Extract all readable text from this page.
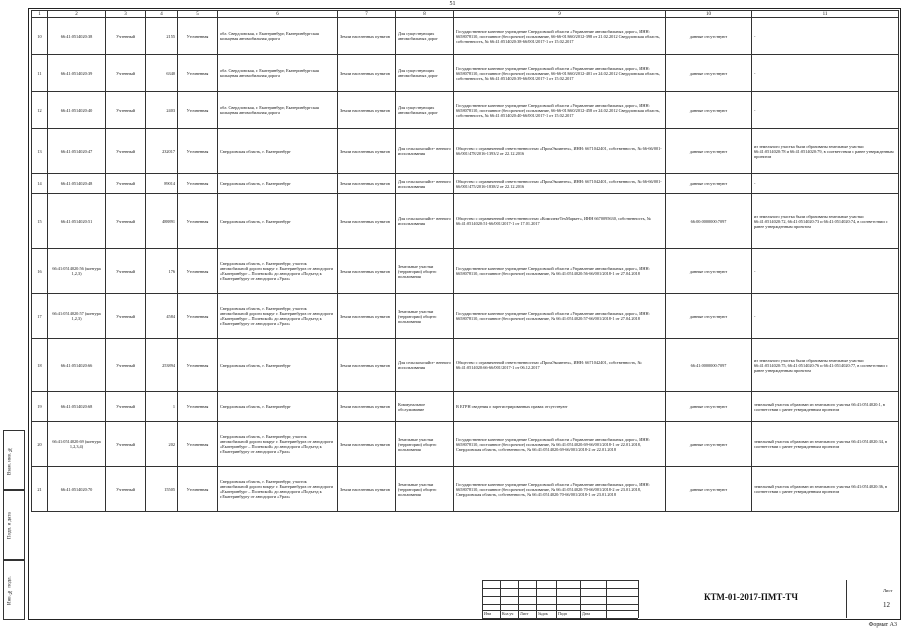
51
1	2	3	4	5	6	7	8	9	10	11
10	66:41:0514020:38	Учтенный	2155	Уточненная	обл. Свердловская, г. Екатеринбург, Екатеринбургская кольцевая автомобильная дорога	Земли населенных пунктов	Для существующих автомобильных дорог	Государственное казенное учреждение Свердловской области «Управление автомобильных дорог», ИНН: 6658078110, постоянное (бессрочное) пользование, 66-66-01/660/2012-398 от 21.02.2012 Свердловская область, собственность, № 66:41:0514020:38-66/001/2017-1 от 15.02.2017	данные отсутствуют	-
11	66:41:0514020:39	Учтенный	6340	Уточненная	обл. Свердловская, г. Екатеринбург, Екатеринбургская кольцевая автомобильная дорога	Земли населенных пунктов	Для существующих автомобильных дорог	Государственное казенное учреждение Свердловской области «Управление автомобильных дорог», ИНН: 6658078110, постоянное (бессрочное) пользование, 66-66-01/660/2012-401 от 24.02.2012 Свердловская область, собственность, № 66:41:0514020:39-66/001/2017-1 от 15.02.2017	данные отсутствуют	-
12	66:41:0514020:40	Учтенный	2403	Уточненная	обл. Свердловская, г. Екатеринбург, Екатеринбургская кольцевая автомобильная дорога	Земли населенных пунктов	Для существующих автомобильных дорог	Государственное казенное учреждение Свердловской области «Управление автомобильных дорог», ИНН: 6658078110, постоянное (бессрочное) пользование, 66-66-01/660/2012-458 от 24.02.2012 Свердловская область, собственность, № 66:41:0514020:40-66/001/2017-1 от 15.02.2017	данные отсутствуют	-
13	66:41:0514020:47	Учтенный	232017	Уточненная	Свердловская область, г. Екатеринбург	Земли населенных пунктов	Для сельскохозяйст- венного использования	Общество с ограниченной ответственностью «ПромЭкоинтех», ИНН: 6671042401, собственность, № 66-66/001-66/001/478/2016-1393/2 от 22.12.2016	данные отсутствуют	из земельного участка были образованы земельные участки 66:41:0514020:78 и 66:41:0514020:79, в соответствии с ранее утвержденным проектом
14	66:41:0514020:48	Учтенный	89014	Уточненная	Свердловская область, г. Екатеринбург	Земли населенных пунктов	Для сельскохозяйст- венного использования	Общество с ограниченной ответственностью «ПромЭкоинтех», ИНН: 6671042401, собственность, № 66-66/001-66/001/475/2016-1838/2 от 22.12.2016	данные отсутствуют	-
15	66:41:0514020:51	Учтенный	488891	Уточненная	Свердловская область, г. Екатеринбург	Земли населенных пунктов	Для сельскохозяйст- венного использования	Общество с ограниченной ответственностью «КомплектТехМаркет», ИНН 6670095630, собственность, № 66:41:0514020:51-66/001/2017-1 от 17.01.2017	66:00:0000000:7097	из земельного участка были образованы земельные участки 66:41:0514020:72, 66:41:0514020:73 и 66:41:0514020:74, в соответствии с ранее утвержденным проектом
16	66:41:0514020:56 (контура 1,2,3)	Учтенный	176	Уточненная	Свердловская область, г. Екатеринбург, участок автомобильной дороги вокруг г. Екатеринбурга от автодороги «Екатеринбург – Полевской» до автодороги «Подъезд к г.Екатеринбургу от автодороги «Урал»	Земли населенных пунктов	Земельные участки (территории) общего пользования	Государственное казенное учреждение Свердловской области «Управление автомобильных дорог», ИНН: 6658078110, постоянное (бессрочное) пользование, № 66:41:0514020:56-66/001/2018-1 от 27.04.2018	данные отсутствуют	-
17	66:41:0514020:57 (контура 1,2,3)	Учтенный	4584	Уточненная	Свердловская область, г. Екатеринбург, участок автомобильной дороги вокруг г. Екатеринбурга от автодороги «Екатеринбург – Полевской» до автодороги «Подъезд к г.Екатеринбургу от автодороги «Урал»	Земли населенных пунктов	Земельные участки (территории) общего пользования	Государственное казенное учреждение Свердловской области «Управление автомобильных дорог», ИНН: 6658078110, постоянное (бессрочное) пользование, № 66:41:0514020:57-66/001/2018-1 от 27.04.2018	данные отсутствуют	-
18	66:41:0514020:66	Учтенный	253894	Уточненная	Свердловская область, г. Екатеринбург	Земли населенных пунктов	Для сельскохозяйст- венного использования	Общество с ограниченной ответственностью «ПромЭкоинтех», ИНН: 6671042401, собственность, № 66:41:0514020:66-66/001/2017-1 от 06.12.2017	66:41:0000000:7097	из земельного участка были образованы земельные участки 66:41:0514020:75, 66:41:0514020:76 и 66:41:0514020:77, в соответствии с ранее утвержденным проектом
19	66:41:0514020:68	Учтенный	1	Уточненная	Свердловская область, г. Екатеринбург	Земли населенных пунктов	Коммунальное обслуживание	В ЕГРН сведения о зарегистрированных правах отсутствуют	данные отсутствуют	земельный участок образован из земельного участка 66:41:0514020:1, в соответствии с ранее утвержденным проектом
20	66:41:0514020:69 (контура 1,2,3,4)	Учтенный	202	Уточненная	Свердловская область, г. Екатеринбург, участок автомобильной дороги вокруг г. Екатеринбурга от автодороги «Екатеринбург – Полевской» до автодороги «Подъезд к г.Екатеринбургу от автодороги «Урал»	Земли населенных пунктов	Земельные участки (территории) общего пользования	Государственное казенное учреждение Свердловской области «Управление автомобильных дорог», ИНН: 6658078110, постоянное (бессрочное) пользование, № 66:41:0514020:69-66/001/2018-1 от 22.01.2018, Свердловская область, собственность, № 66:41:0514020:69-66/001/2018-2 от 22.01.2018	данные отсутствуют	земельный участок образован из земельного участка 66:41:0514020:34, в соответствии с ранее утвержденным проектом
21	66:41:0514020:70	Учтенный	15505	Уточненная	Свердловская область, г. Екатеринбург, участок автомобильной дороги вокруг г. Екатеринбурга от автодороги «Екатеринбург – Полевской» до автодороги «Подъезд к г.Екатеринбургу от автодороги «Урал»	Земли населенных пунктов	Земельные участки (территории) общего пользования	Государственное казенное учреждение Свердловской области «Управление автомобильных дорог», ИНН: 6658078110, постоянное (бессрочное) пользование, № 66:41:0514020:70-66/001/2018-2 от 23.01.2018, Свердловская область, собственность, № 66:41:0514020:70-66/001/2018-1 от 23.01.2018	данные отсутствуют	земельный участок образован из земельного участка 66:41:0514020:36, в соответствии с ранее утвержденным проектом
Взам. инв. №
Подп. и дата
Инв. № подл.
Изм	Кол.уч Лист №док	Подп	Дата
КТМ-01-2017-ПМТ-ТЧ
Лист
12
Формат А3
